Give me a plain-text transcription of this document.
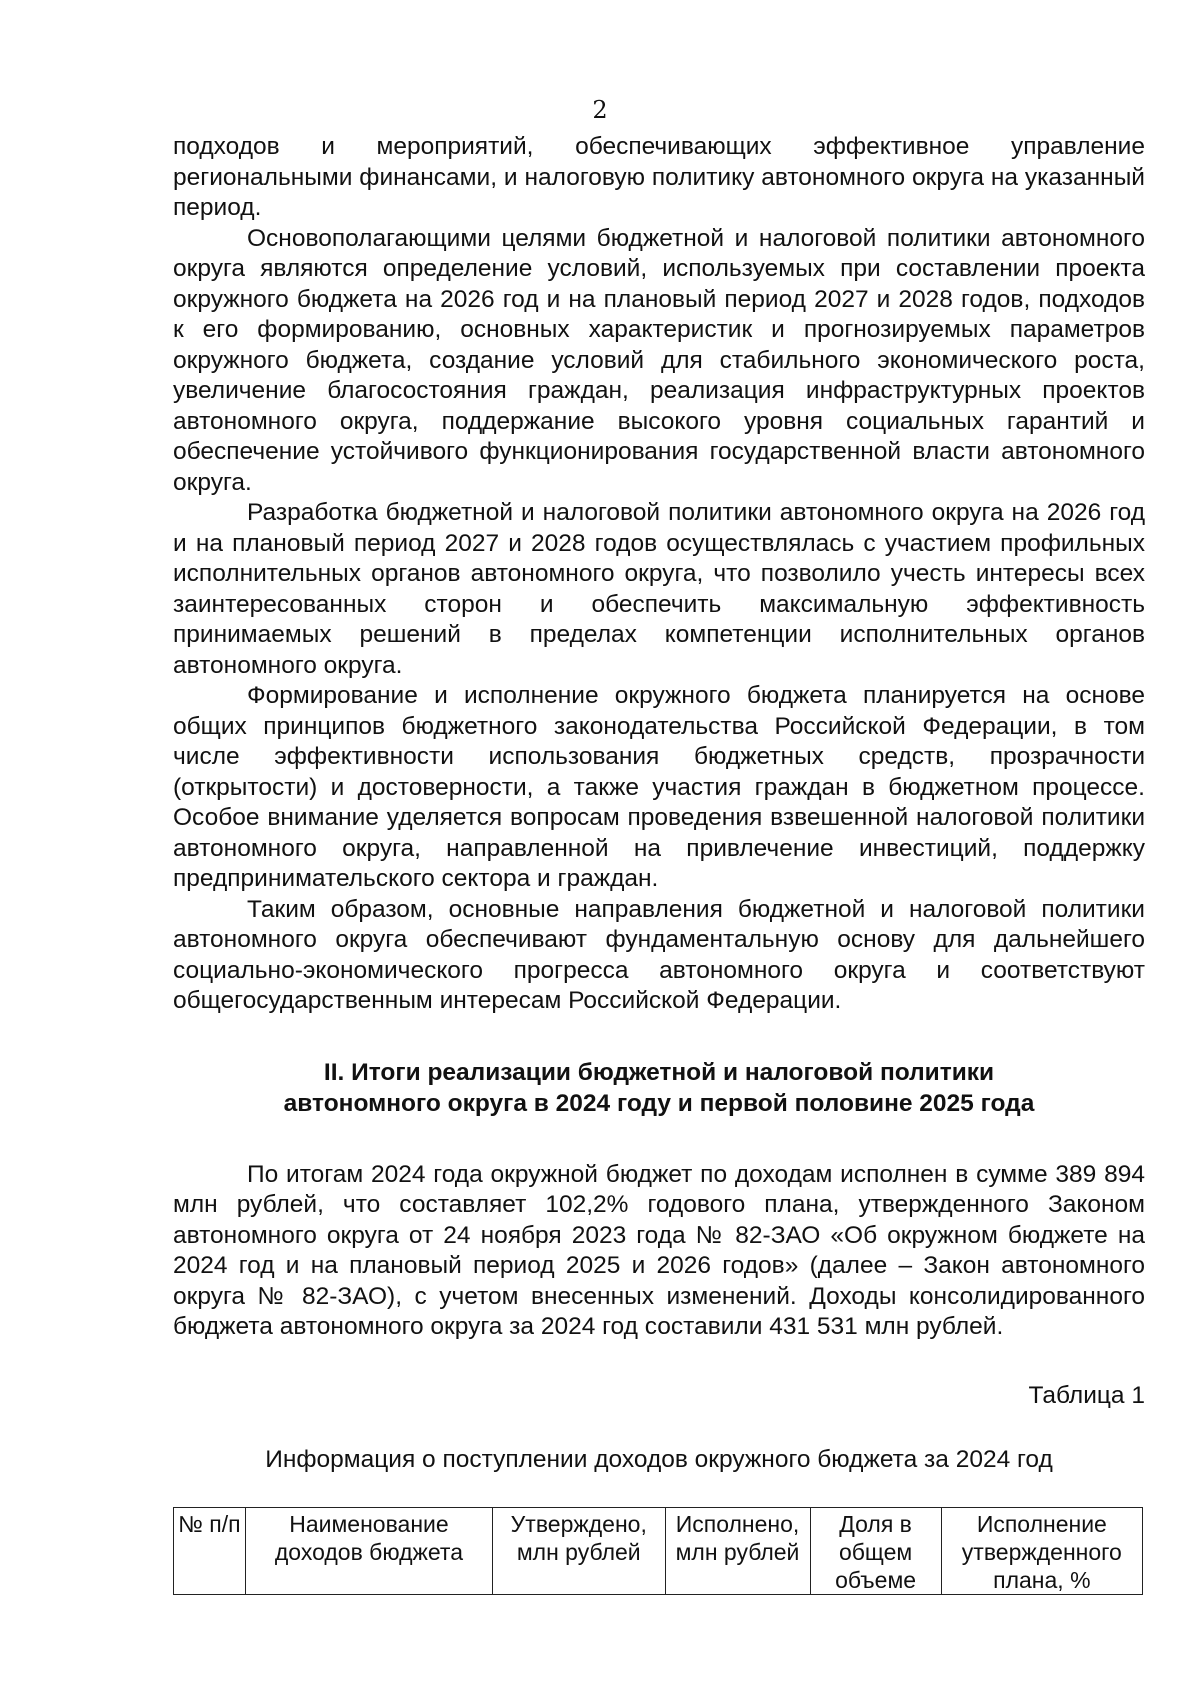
2

подходов и мероприятий, обеспечивающих эффективное управление региональными финансами, и налоговую политику автономного округа на указанный период.

Основополагающими целями бюджетной и налоговой политики автономного округа являются определение условий, используемых при составлении проекта окружного бюджета на 2026 год и на плановый период 2027 и 2028 годов, подходов к его формированию, основных характеристик и прогнозируемых параметров окружного бюджета, создание условий для стабильного экономического роста, увеличение благосостояния граждан, реализация инфраструктурных проектов автономного округа, поддержание высокого уровня социальных гарантий и обеспечение устойчивого функционирования государственной власти автономного округа.

Разработка бюджетной и налоговой политики автономного округа на 2026 год и на плановый период 2027 и 2028 годов осуществлялась с участием профильных исполнительных органов автономного округа, что позволило учесть интересы всех заинтересованных сторон и обеспечить максимальную эффективность принимаемых решений в пределах компетенции исполнительных органов автономного округа.

Формирование и исполнение окружного бюджета планируется на основе общих принципов бюджетного законодательства Российской Федерации, в том числе эффективности использования бюджетных средств, прозрачности (открытости) и достоверности, а также участия граждан в бюджетном процессе. Особое внимание уделяется вопросам проведения взвешенной налоговой политики автономного округа, направленной на привлечение инвестиций, поддержку предпринимательского сектора и граждан.

Таким образом, основные направления бюджетной и налоговой политики автономного округа обеспечивают фундаментальную основу для дальнейшего социально-экономического прогресса автономного округа и соответствуют общегосударственным интересам Российской Федерации.

II. Итоги реализации бюджетной и налоговой политики
автономного округа в 2024 году и первой половине 2025 года

По итогам 2024 года окружной бюджет по доходам исполнен в сумме 389 894 млн рублей, что составляет 102,2% годового плана, утвержденного Законом автономного округа от 24 ноября 2023 года № 82-ЗАО «Об окружном бюджете на 2024 год и на плановый период 2025 и 2026 годов» (далее – Закон автономного округа № 82-ЗАО), с учетом внесенных изменений. Доходы консолидированного бюджета автономного округа за 2024 год составили 431 531 млн рублей.

Таблица 1

Информация о поступлении доходов окружного бюджета за 2024 год

№ п/п	Наименование доходов бюджета	Утверждено, млн рублей	Исполнено, млн рублей	Доля в общем объеме	Исполнение утвержденного плана, %
